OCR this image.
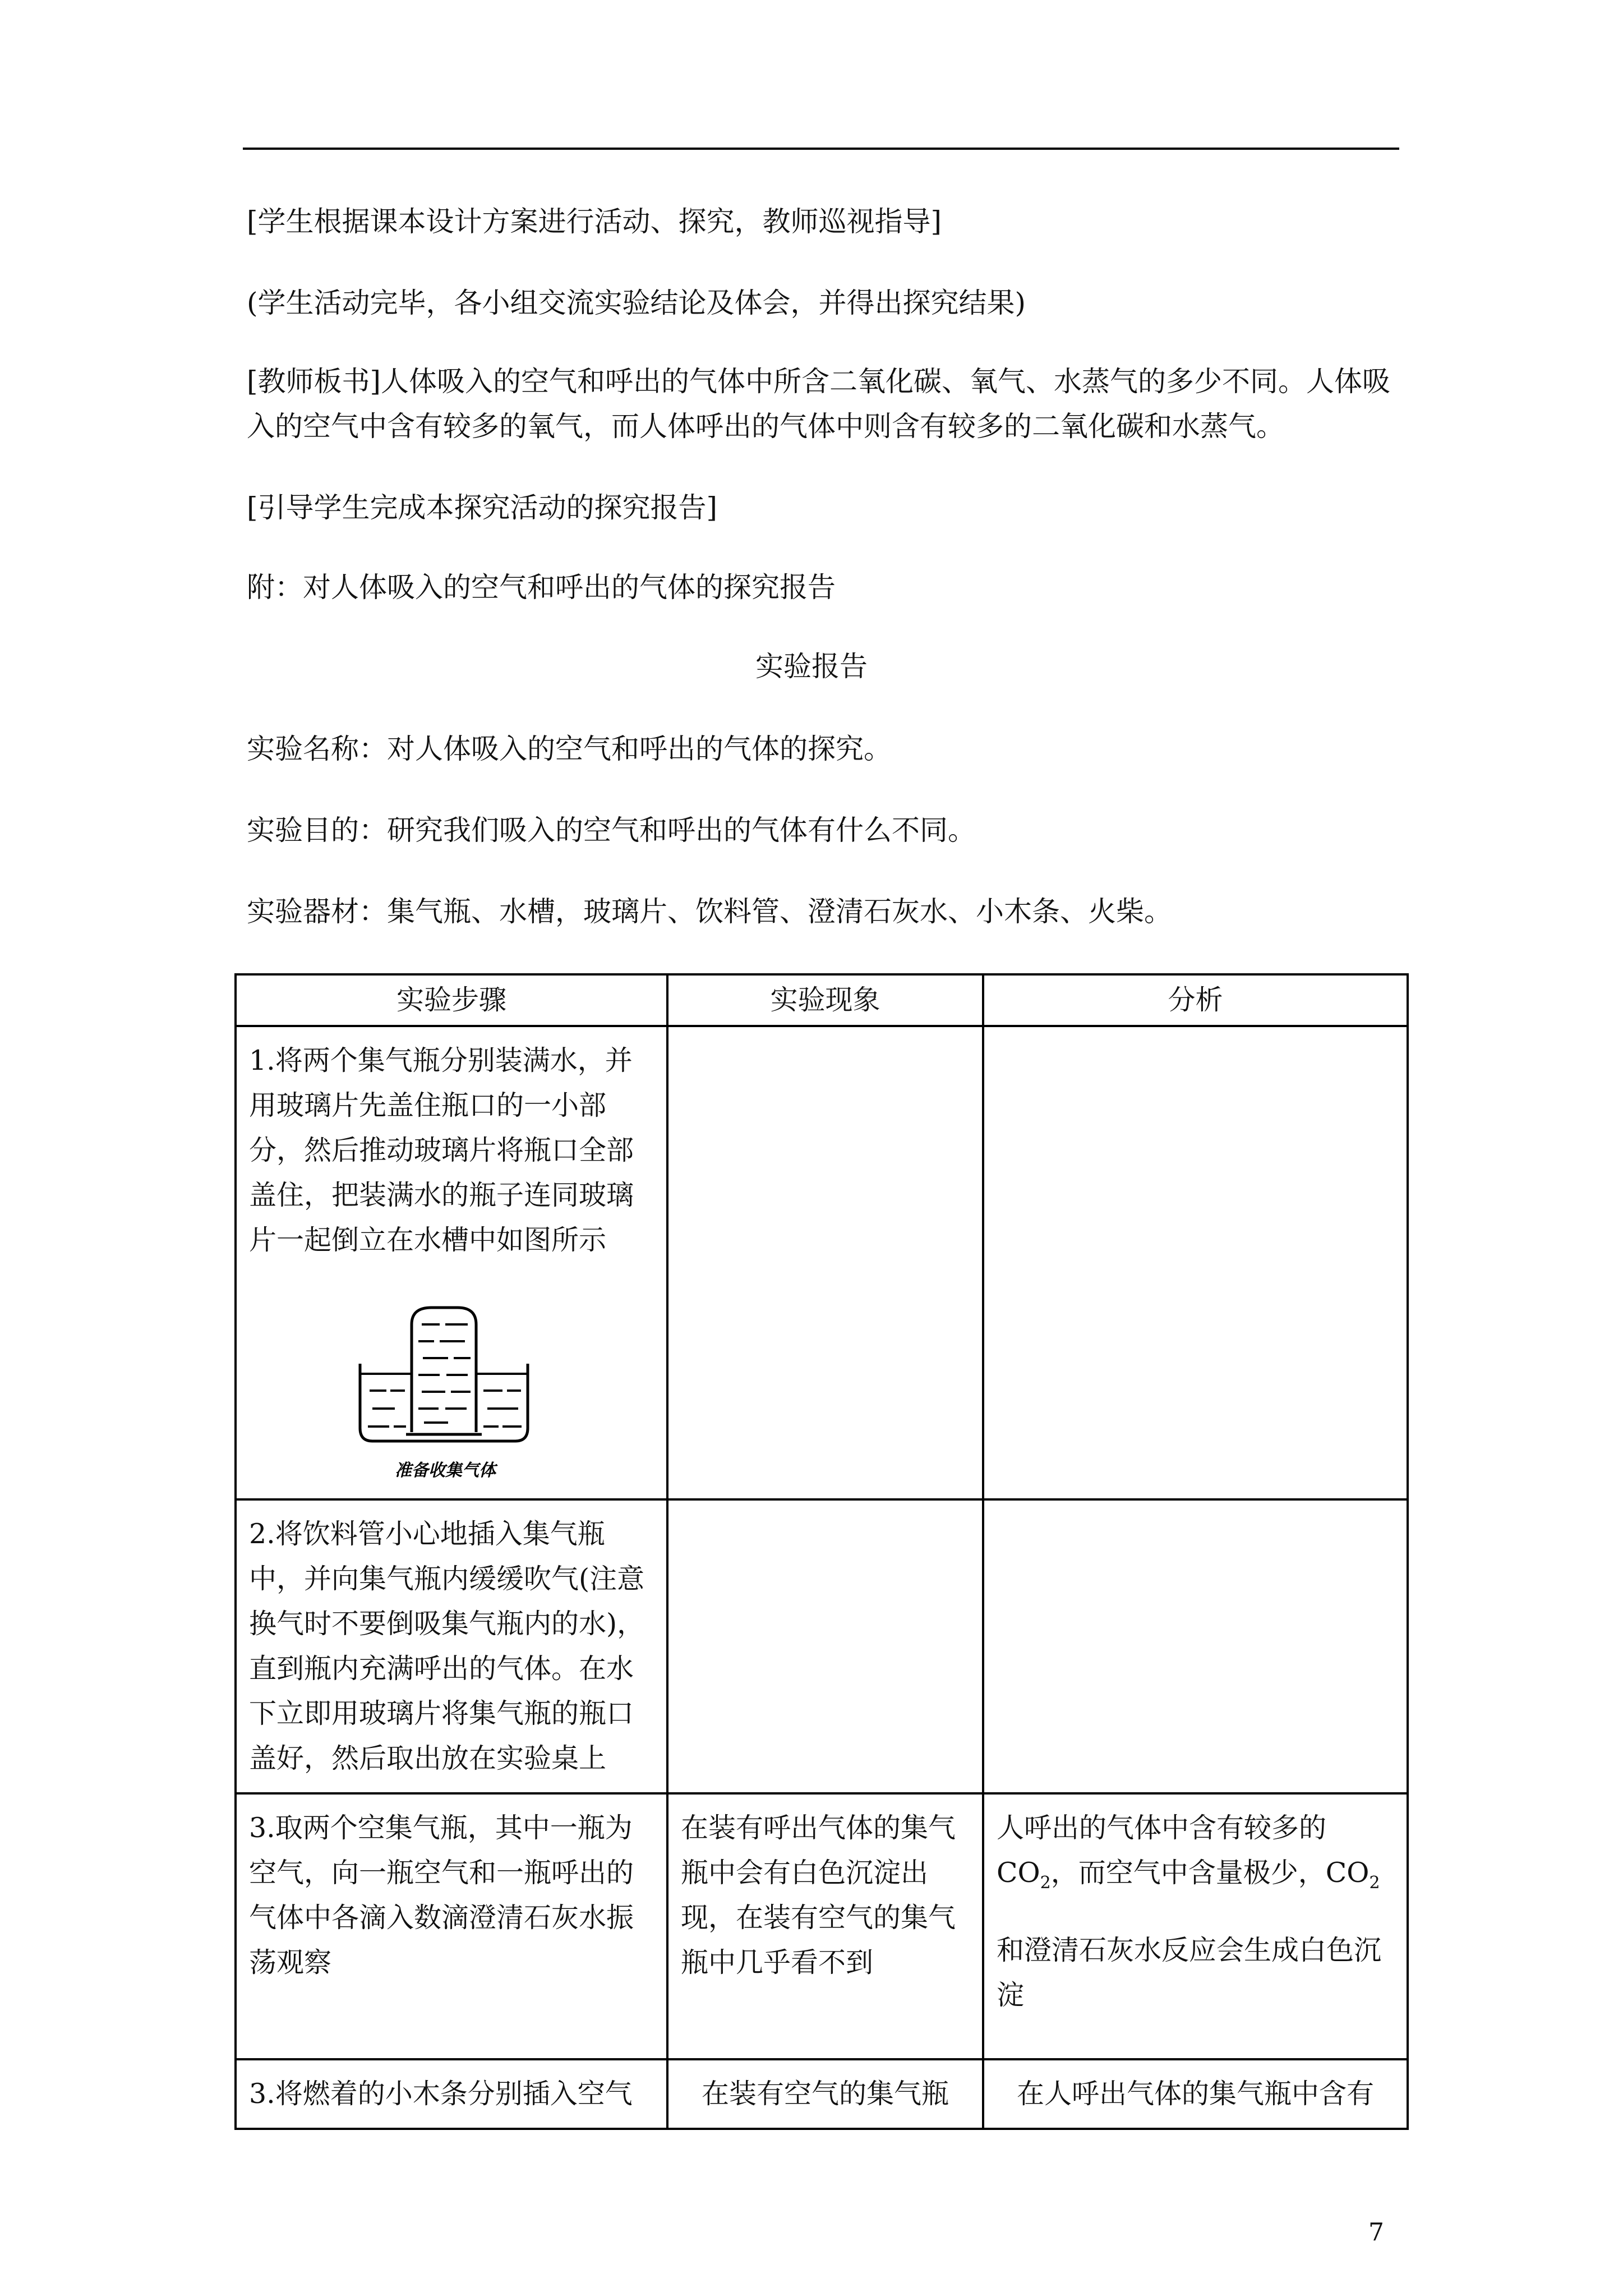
[学生根据课本设计方案进行活动、探究，教师巡视指导]

(学生活动完毕，各小组交流实验结论及体会，并得出探究结果)

[教师板书]人体吸入的空气和呼出的气体中所含二氧化碳、氧气、水蒸气的多少不同。人体吸入的空气中含有较多的氧气，而人体呼出的气体中则含有较多的二氧化碳和水蒸气。

[引导学生完成本探究活动的探究报告]

附：对人体吸入的空气和呼出的气体的探究报告

实验报告

实验名称：对人体吸入的空气和呼出的气体的探究。

实验目的：研究我们吸入的空气和呼出的气体有什么不同。

实验器材：集气瓶、水槽，玻璃片、饮料管、澄清石灰水、小木条、火柴。

实验步骤	实验现象	分析
1.将两个集气瓶分别装满水，并用玻璃片先盖住瓶口的一小部分，然后推动玻璃片将瓶口全部盖住，把装满水的瓶子连同玻璃片一起倒立在水槽中如图所示
准备收集气体		

2.将饮料管小心地插入集气瓶中，并向集气瓶内缓缓吹气(注意换气时不要倒吸集气瓶内的水)，直到瓶内充满呼出的气体。在水下立即用玻璃片将集气瓶的瓶口盖好，然后取出放在实验桌上		
3.取两个空集气瓶，其中一瓶为空气，向一瓶空气和一瓶呼出的气体中各滴入数滴澄清石灰水振荡观察	在装有呼出气体的集气瓶中会有白色沉淀出现，在装有空气的集气瓶中几乎看不到	人呼出的气体中含有较多的$CO_2$，而空气中含量极少，$CO_2$
和澄清石灰水反应会生成白色沉淀
3.将燃着的小木条分别插入空气	在装有空气的集气瓶	在人呼出气体的集气瓶中含有
7
